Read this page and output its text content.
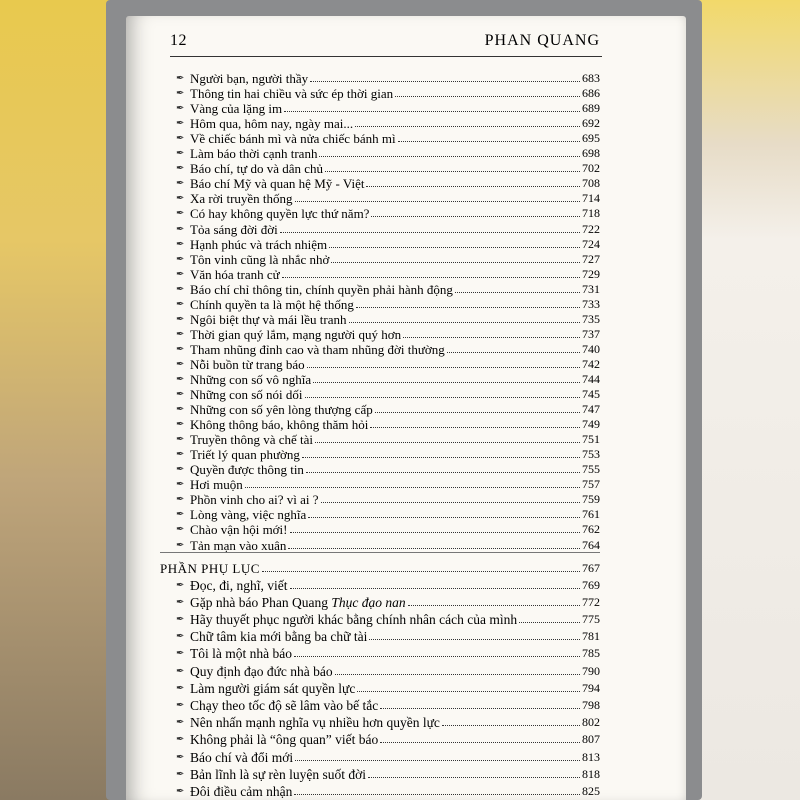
12	PHAN QUANG
✒ Người bạn, người thầy	683
✒ Thông tin hai chiều và sức ép thời gian	686
✒ Vàng của lặng im	689
✒ Hôm qua, hôm nay, ngày mai...	692
✒ Về chiếc bánh mì và nửa chiếc bánh mì	695
✒ Làm báo thời cạnh tranh	698
✒ Báo chí, tự do và dân chủ	702
✒ Báo chí Mỹ và quan hệ Mỹ - Việt	708
✒ Xa rời truyền thống	714
✒ Có hay không quyền lực thứ năm?	718
✒ Tỏa sáng đời đời	722
✒ Hạnh phúc và trách nhiệm	724
✒ Tôn vinh cũng là nhắc nhở	727
✒ Văn hóa tranh cử	729
✒ Báo chí chỉ thông tin, chính quyền phải hành động	731
✒ Chính quyền ta là một hệ thống	733
✒ Ngôi biệt thự và mái lều tranh	735
✒ Thời gian quý lắm, mạng người quý hơn	737
✒ Tham nhũng đỉnh cao và tham nhũng đời thường	740
✒ Nỗi buồn từ trang báo	742
✒ Những con số vô nghĩa	744
✒ Những con số nói dối	745
✒ Những con số yên lòng thượng cấp	747
✒ Không thông báo, không thăm hỏi	749
✒ Truyền thông và chế tài	751
✒ Triết lý quan phường	753
✒ Quyền được thông tin	755
✒ Hơi muộn	757
✒ Phồn vinh cho ai? vì ai ?	759
✒ Lòng vàng, việc nghĩa	761
✒ Chào vận hội mới!	762
✒ Tản mạn vào xuân	764
PHẦN PHỤ LỤC	767
✒ Đọc, đi, nghĩ, viết	769
✒ Gặp nhà báo Phan Quang Thục đạo nan	772
✒ Hãy thuyết phục người khác bằng chính nhân cách của mình	775
✒ Chữ tâm kia mới bằng ba chữ tài	781
✒ Tôi là một nhà báo	785
✒ Quy định đạo đức nhà báo	790
✒ Làm người giám sát quyền lực	794
✒ Chạy theo tốc độ sẽ lâm vào bế tắc	798
✒ Nên nhấn mạnh nghĩa vụ nhiều hơn quyền lực	802
✒ Không phải là “ông quan” viết báo	807
✒ Báo chí và đổi mới	813
✒ Bản lĩnh là sự rèn luyện suốt đời	818
✒ Đôi điều cảm nhận	825
